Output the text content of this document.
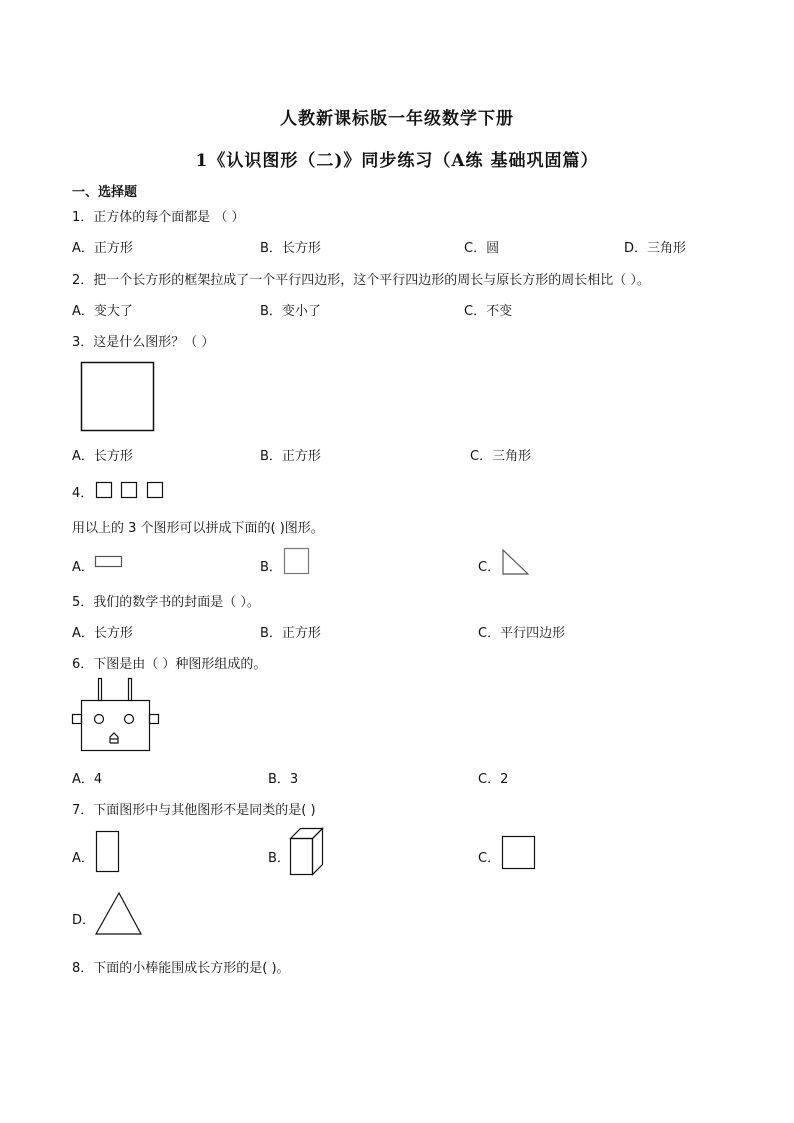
人教新课标版一年级数学下册
1《认识图形（二)》同步练习（A练 基础巩固篇）
一、选择题
1．正方体的每个面都是 （ ）
A．正方形	B．长方形	C．圆	D．三角形
2．把一个长方形的框架拉成了一个平行四边形，这个平行四边形的周长与原长方形的周长相比（ ）。
A．变大了	B．变小了	C．不变
3．这是什么图形？（ ）
A．长方形	B．正方形	C．三角形
4．
用以上的 3 个图形可以拼成下面的( )图形。
A．	B．	C．
5．我们的数学书的封面是（ ）。
A．长方形	B．正方形	C．平行四边形
6．下图是由（ ）种图形组成的。
A．4	B．3	C．2
7．下面图形中与其他图形不是同类的是( )
A．	B．	C．
D．
8．下面的小棒能围成长方形的是( )。
